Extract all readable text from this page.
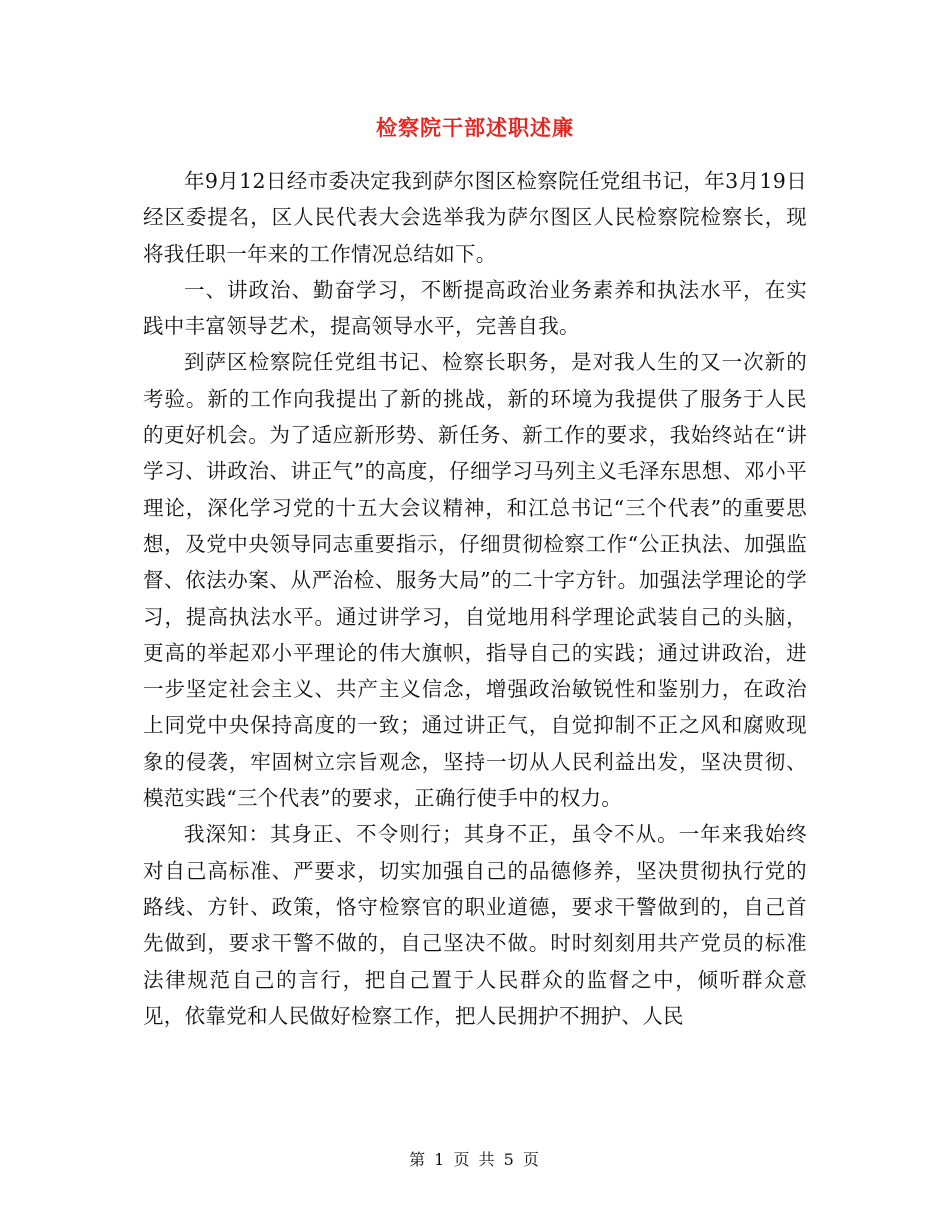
检察院干部述职述廉

年9月12日经市委决定我到萨尔图区检察院任党组书记，年3月19日经区委提名，区人民代表大会选举我为萨尔图区人民检察院检察长，现将我任职一年来的工作情况总结如下。

一、讲政治、勤奋学习，不断提高政治业务素养和执法水平，在实践中丰富领导艺术，提高领导水平，完善自我。

到萨区检察院任党组书记、检察长职务，是对我人生的又一次新的考验。新的工作向我提出了新的挑战，新的环境为我提供了服务于人民的更好机会。为了适应新形势、新任务、新工作的要求，我始终站在“讲学习、讲政治、讲正气”的高度，仔细学习马列主义毛泽东思想、邓小平理论，深化学习党的十五大会议精神，和江总书记“三个代表”的重要思想，及党中央领导同志重要指示，仔细贯彻检察工作“公正执法、加强监督、依法办案、从严治检、服务大局”的二十字方针。加强法学理论的学习，提高执法水平。通过讲学习，自觉地用科学理论武装自己的头脑，更高的举起邓小平理论的伟大旗帜，指导自己的实践；通过讲政治，进一步坚定社会主义、共产主义信念，增强政治敏锐性和鉴别力，在政治上同党中央保持高度的一致；通过讲正气，自觉抑制不正之风和腐败现象的侵袭，牢固树立宗旨观念，坚持一切从人民利益出发，坚决贯彻、模范实践“三个代表”的要求，正确行使手中的权力。

我深知：其身正、不令则行；其身不正，虽令不从。一年来我始终对自己高标准、严要求，切实加强自己的品德修养，坚决贯彻执行党的路线、方针、政策，恪守检察官的职业道德，要求干警做到的，自己首先做到，要求干警不做的，自己坚决不做。时时刻刻用共产党员的标准法律规范自己的言行，把自己置于人民群众的监督之中，倾听群众意见，依靠党和人民做好检察工作，把人民拥护不拥护、人民

第 1 页 共 5 页
